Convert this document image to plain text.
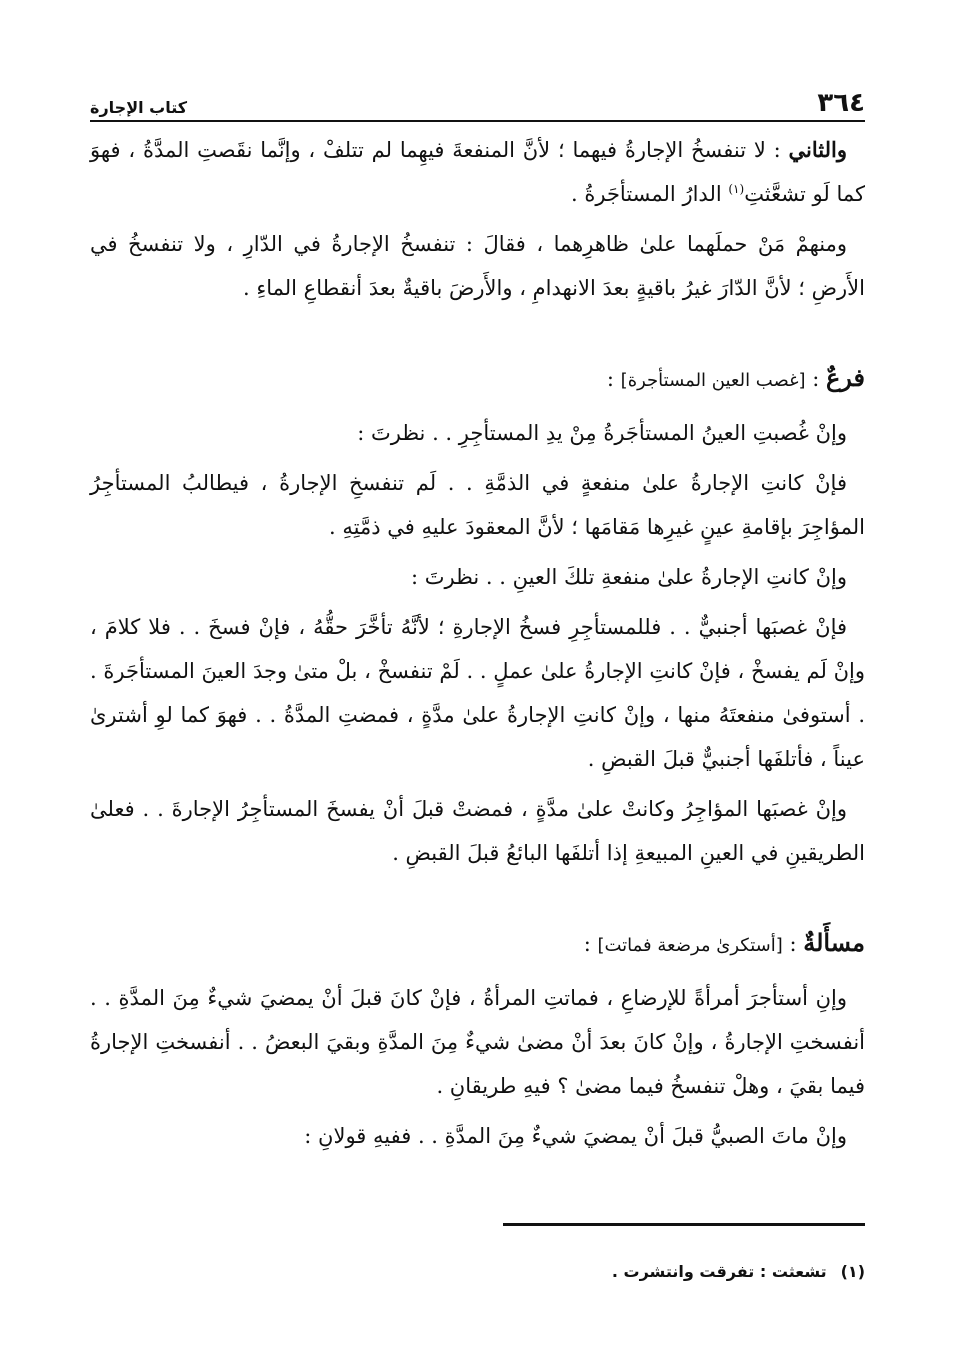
٣٦٤
كتاب الإجارة

والثاني : لا تنفسخُ الإجارةُ فيهما ؛ لأنَّ المنفعةَ فيهِما لم تتلفْ ، وإنَّما نقَصتِ المدَّةُ ، فهوَ كما لَو تشعَّثتِ$^{(١)}$ الدارُ المستأجَرةُ .

ومنهمْ مَنْ حملَهما علىٰ ظاهرِهما ، فقالَ : تنفسخُ الإجارةُ في الدّارِ ، ولا تنفسخُ في الأَرضِ ؛ لأنَّ الدّارَ غيرُ باقيةٍ بعدَ الانهدامِ ، والأَرضَ باقيةٌ بعدَ أنقطاعِ الماءِ .

فرعٌ : [غصب العين المستأجرة] :

وإنْ غُصبتِ العينُ المستأجَرةُ مِنْ يدِ المستأجِرِ . . نظرتَ :

فإنْ كانتِ الإجارةُ علىٰ منفعةٍ في الذمَّةِ . . لَم تنفسخِ الإجارةُ ، فيطالبُ المستأجِرُ المؤاجِرَ بإقامةِ عينٍ غيرِها مَقامَها ؛ لأنَّ المعقودَ عليهِ في ذمَّتِهِ .

وإنْ كانتِ الإجارةُ علىٰ منفعةِ تلكَ العينِ . . نظرتَ :

فإنْ غصبَها أجنبيٌّ . . فللمستأجِرِ فسخُ الإجارةِ ؛ لأنَّهُ تأخَّرَ حقُّهُ ، فإنْ فسخَ . . فلا كلامَ ، وإنْ لَم يفسخْ ، فإنْ كانتِ الإجارةُ علىٰ عملٍ . . لَمْ تنفسخْ ، بلْ متىٰ وجدَ العينَ المستأجَرةَ . . أستوفىٰ منفعتَهُ منها ، وإنْ كانتِ الإجارةُ علىٰ مدَّةٍ ، فمضتِ المدَّةُ . . فهوَ كما لوِ أشترىٰ عيناً ، فأتلفَها أجنبيٌّ قبلَ القبضِ .

وإنْ غصبَها المؤاجِرُ وكانتْ علىٰ مدَّةٍ ، فمضتْ قبلَ أنْ يفسخَ المستأجِرُ الإجارةَ . . فعلىٰ الطريقينِ في العينِ المبيعةِ إذا أتلفَها البائعُ قبلَ القبضِ .

مسأَلةٌ : [أستكرىٰ مرضعة فماتت] :

وإنِ أستأجرَ أمرأةً للإرضاعِ ، فماتتِ المرأةُ ، فإنْ كانَ قبلَ أنْ يمضيَ شيءٌ مِنَ المدَّةِ . . أنفسختِ الإجارةُ ، وإنْ كانَ بعدَ أنْ مضىٰ شيءٌ مِنَ المدَّةِ وبقيَ البعضُ . . أنفسختِ الإجارةُ فيما بقيَ ، وهلْ تنفسخُ فيما مضىٰ ؟ فيهِ طريقانِ .

وإنْ ماتَ الصبيُّ قبلَ أنْ يمضيَ شيءٌ مِنَ المدَّةِ . . ففيهِ قولانِ :

(١)تشعثت : تفرقت وانتشرت .
